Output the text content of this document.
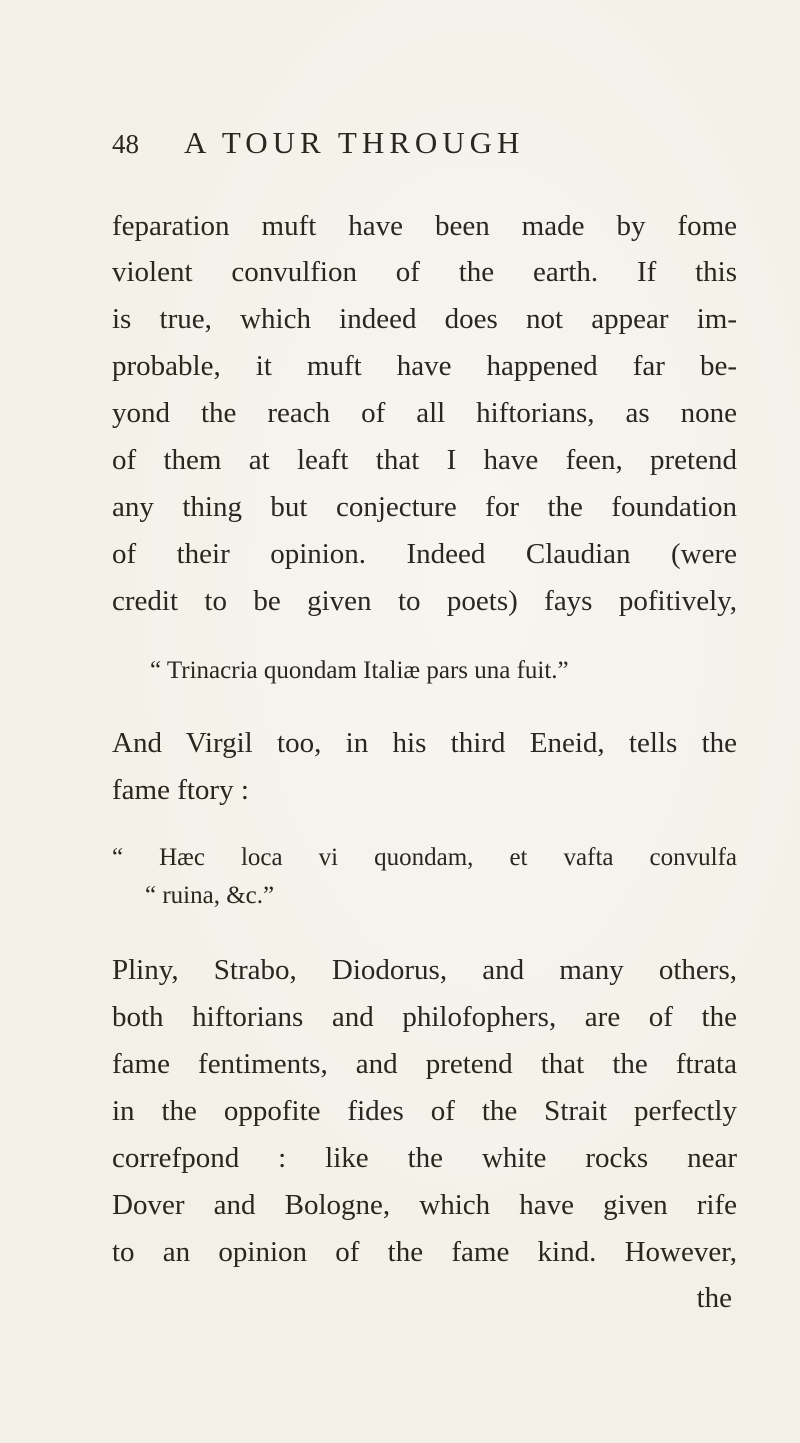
48 A TOUR THROUGH
feparation muft have been made by fome
violent convulfion of the earth. If this
is true, which indeed does not appear im-
probable, it muft have happened far be-
yond the reach of all hiftorians, as none
of them at leaft that I have feen, pretend
any thing but conjecture for the foundation
of their opinion. Indeed Claudian (were
credit to be given to poets) fays pofitively,
“ Trinacria quondam Italiæ pars una fuit.”
And Virgil too, in his third Eneid, tells the
fame ftory :
“ Hæc loca vi quondam, et vafta convulfa
“ ruina, &c.”
Pliny, Strabo, Diodorus, and many others,
both hiftorians and philofophers, are of the
fame fentiments, and pretend that the ftrata
in the oppofite fides of the Strait perfectly
correfpond : like the white rocks near
Dover and Bologne, which have given rife
to an opinion of the fame kind. However,
the
